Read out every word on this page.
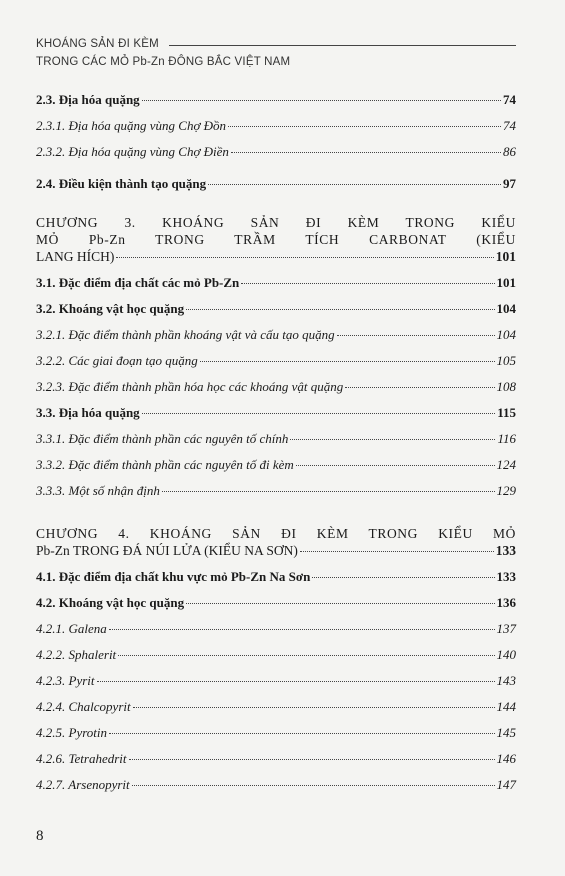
KHOÁNG SẢN ĐI KÈM
TRONG CÁC MỎ Pb-Zn ĐÔNG BẮC VIỆT NAM
2.3. Địa hóa quặng	74
2.3.1. Địa hóa quặng vùng Chợ Đồn	74
2.3.2. Địa hóa quặng vùng Chợ Điền	86
2.4. Điều kiện thành tạo quặng	97
CHƯƠNG 3. KHOÁNG SẢN ĐI KÈM TRONG KIỂU
MỎ Pb-Zn TRONG TRẦM TÍCH CARBONAT (KIỂU
LANG HÍCH)	101
3.1. Đặc điểm địa chất các mỏ Pb-Zn	101
3.2. Khoáng vật học quặng	104
3.2.1. Đặc điểm thành phần khoáng vật và cấu tạo quặng	104
3.2.2. Các giai đoạn tạo quặng	105
3.2.3. Đặc điểm thành phần hóa học các khoáng vật quặng	108
3.3. Địa hóa quặng	115
3.3.1. Đặc điểm thành phần các nguyên tố chính	116
3.3.2. Đặc điểm thành phần các nguyên tố đi kèm	124
3.3.3. Một số nhận định	129
CHƯƠNG 4. KHOÁNG SẢN ĐI KÈM TRONG KIỂU MỎ
Pb-Zn TRONG ĐÁ NÚI LỬA (KIỂU NA SƠN)	133
4.1. Đặc điểm địa chất khu vực mỏ Pb-Zn Na Sơn	133
4.2. Khoáng vật học quặng	136
4.2.1. Galena	137
4.2.2. Sphalerit	140
4.2.3. Pyrit	143
4.2.4. Chalcopyrit	144
4.2.5. Pyrotin	145
4.2.6. Tetrahedrit	146
4.2.7. Arsenopyrit	147
8
